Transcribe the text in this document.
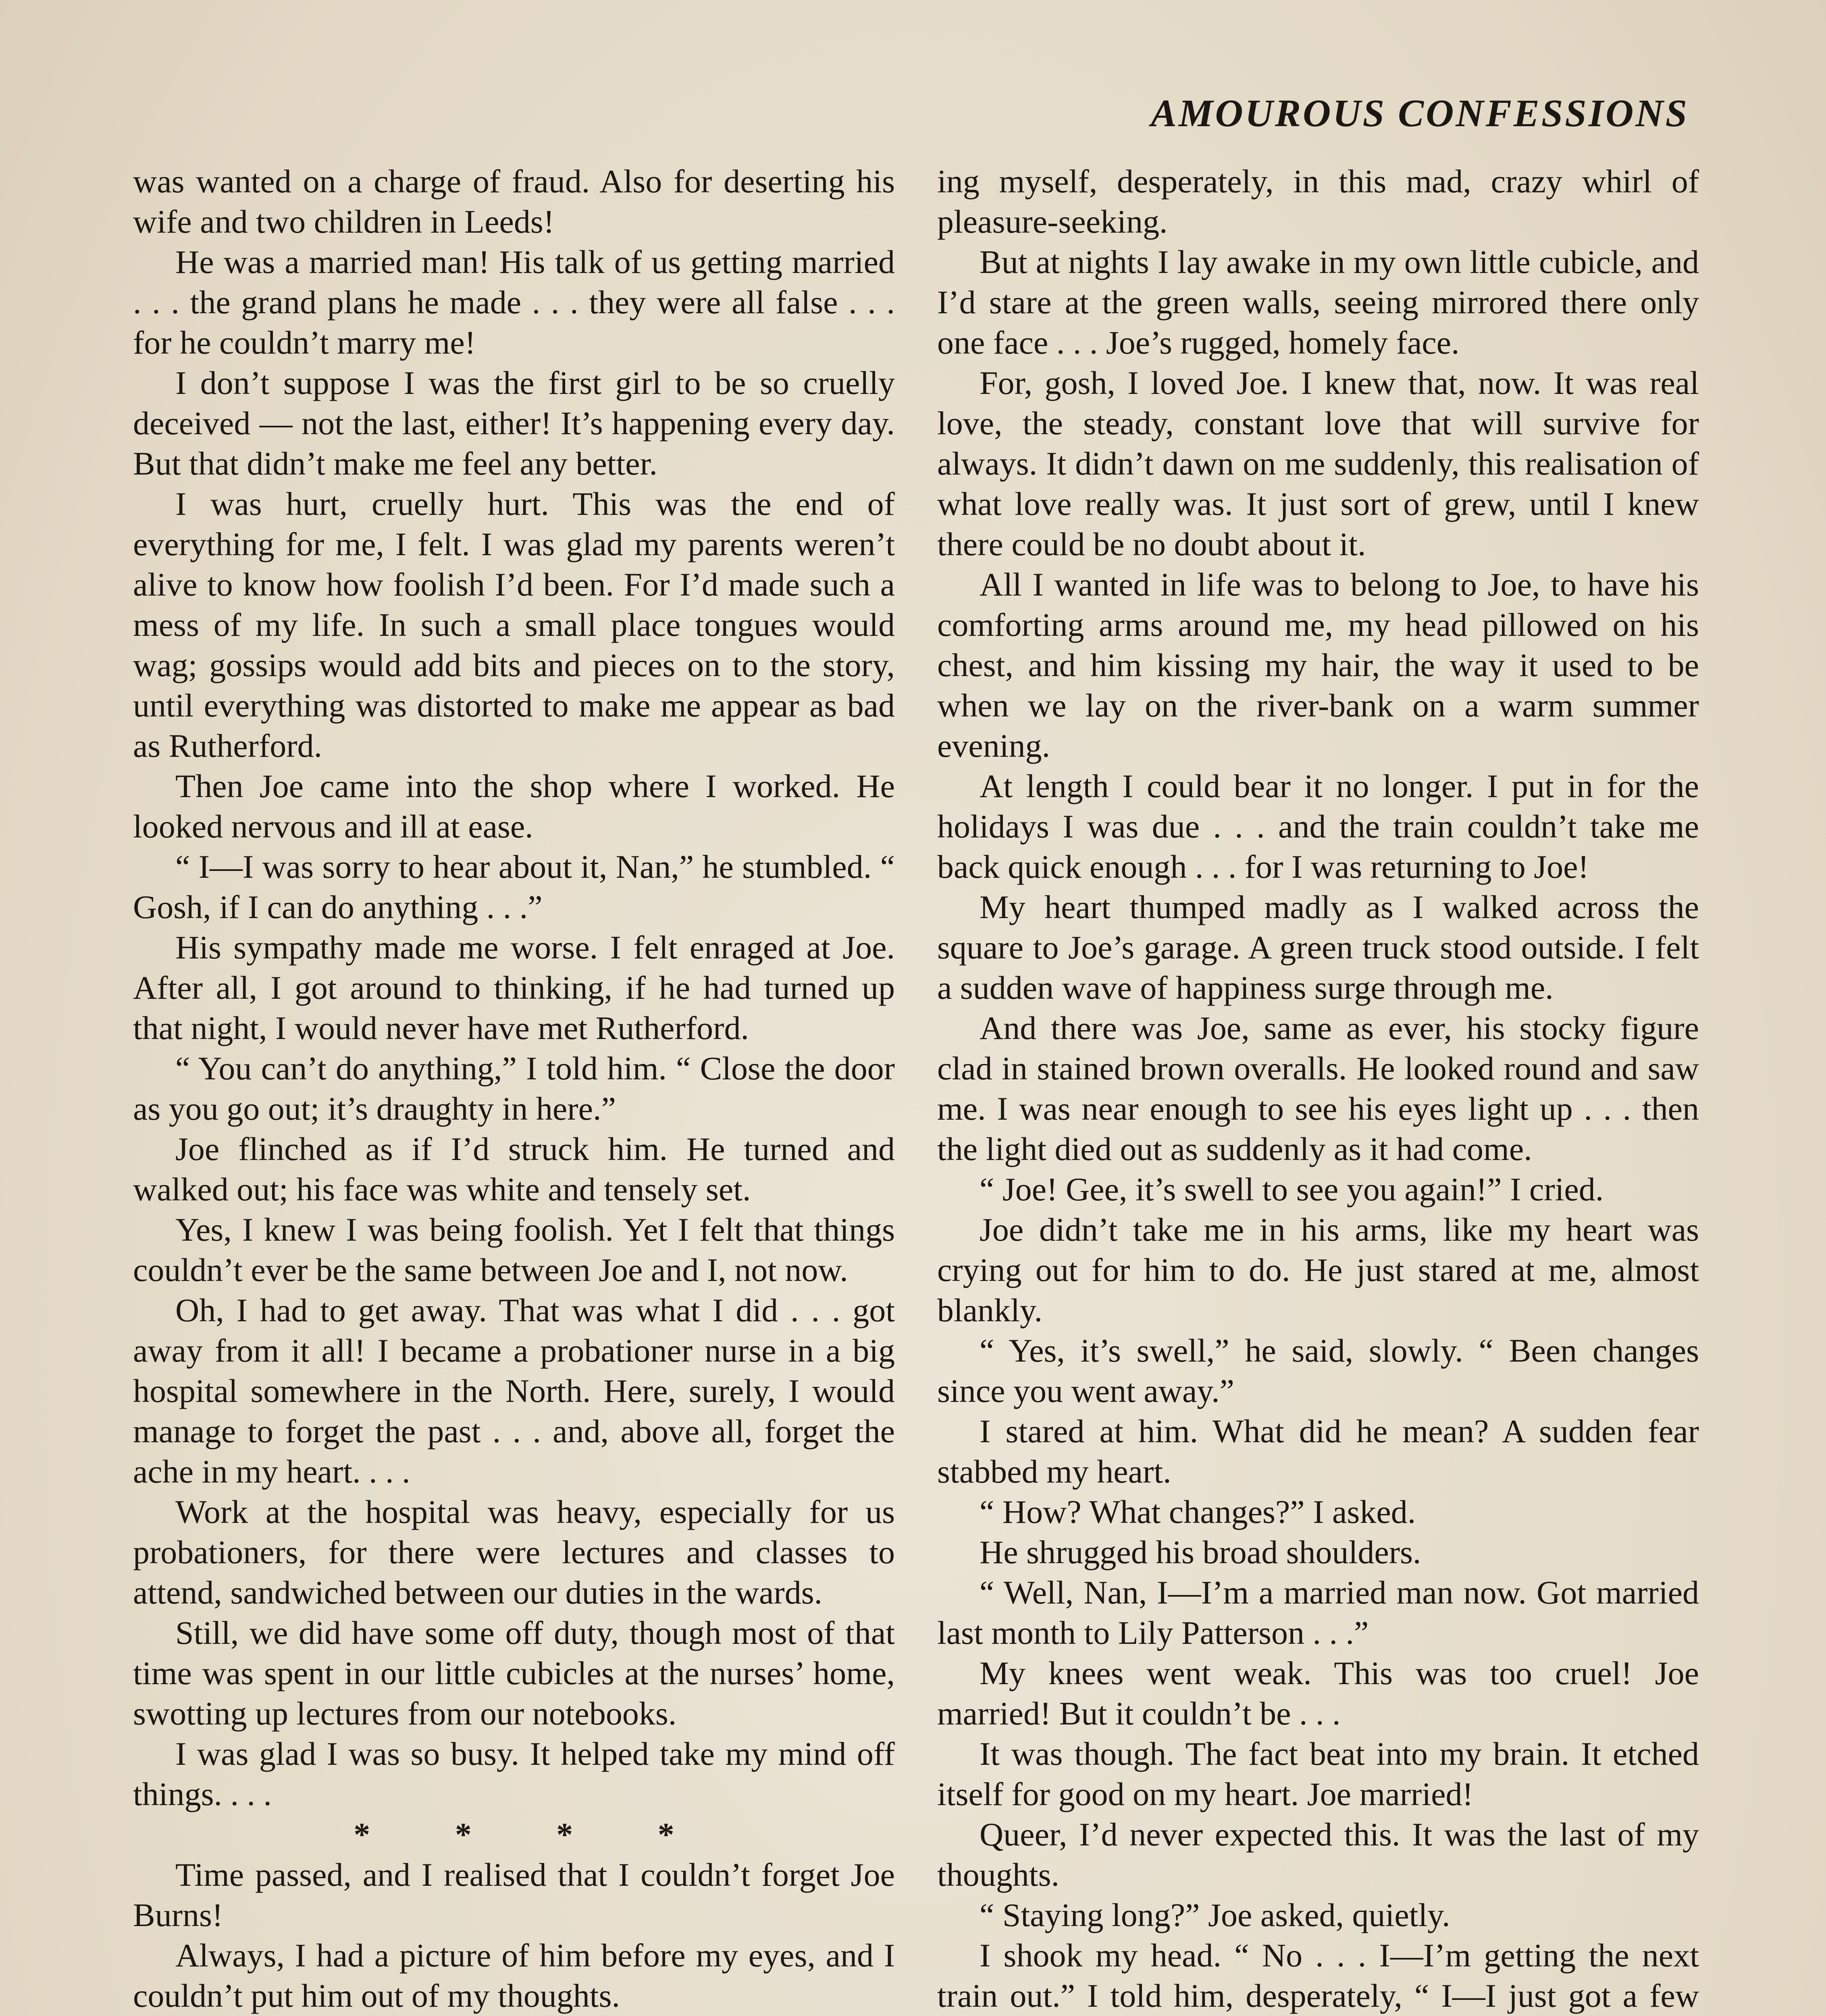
AMOUROUS CONFESSIONS

was wanted on a charge of fraud. Also for deserting his wife and two children in Leeds!

He was a married man! His talk of us getting married . . . the grand plans he made . . . they were all false . . . for he couldn’t marry me!

I don’t suppose I was the first girl to be so cruelly deceived — not the last, either! It’s happening every day. But that didn’t make me feel any better.

I was hurt, cruelly hurt. This was the end of everything for me, I felt. I was glad my parents weren’t alive to know how foolish I’d been. For I’d made such a mess of my life. In such a small place tongues would wag; gossips would add bits and pieces on to the story, until everything was distorted to make me appear as bad as Rutherford.

Then Joe came into the shop where I worked. He looked nervous and ill at ease.

“ I—I was sorry to hear about it, Nan,” he stumbled. “ Gosh, if I can do anything . . .”

His sympathy made me worse. I felt enraged at Joe. After all, I got around to thinking, if he had turned up that night, I would never have met Rutherford.

“ You can’t do anything,” I told him. “ Close the door as you go out; it’s draughty in here.”

Joe flinched as if I’d struck him. He turned and walked out; his face was white and tensely set.

Yes, I knew I was being foolish. Yet I felt that things couldn’t ever be the same between Joe and I, not now.

Oh, I had to get away. That was what I did . . . got away from it all! I became a probationer nurse in a big hospital somewhere in the North. Here, surely, I would manage to forget the past . . . and, above all, forget the ache in my heart. . . .

Work at the hospital was heavy, especially for us probationers, for there were lectures and classes to attend, sandwiched between our duties in the wards.

Still, we did have some off duty, though most of that time was spent in our little cubicles at the nurses’ home, swotting up lectures from our notebooks.

I was glad I was so busy. It helped take my mind off things. . . .

* * * *

Time passed, and I realised that I couldn’t forget Joe Burns!

Always, I had a picture of him before my eyes, and I couldn’t put him out of my thoughts.

ing myself, desperately, in this mad, crazy whirl of pleasure-seeking.

But at nights I lay awake in my own little cubicle, and I’d stare at the green walls, seeing mirrored there only one face . . . Joe’s rugged, homely face.

For, gosh, I loved Joe. I knew that, now. It was real love, the steady, constant love that will survive for always. It didn’t dawn on me suddenly, this realisation of what love really was. It just sort of grew, until I knew there could be no doubt about it.

All I wanted in life was to belong to Joe, to have his comforting arms around me, my head pillowed on his chest, and him kissing my hair, the way it used to be when we lay on the river-bank on a warm summer evening.

At length I could bear it no longer. I put in for the holidays I was due . . . and the train couldn’t take me back quick enough . . . for I was returning to Joe!

My heart thumped madly as I walked across the square to Joe’s garage. A green truck stood outside. I felt a sudden wave of happiness surge through me.

And there was Joe, same as ever, his stocky figure clad in stained brown overalls. He looked round and saw me. I was near enough to see his eyes light up . . . then the light died out as suddenly as it had come.

“ Joe! Gee, it’s swell to see you again!” I cried.

Joe didn’t take me in his arms, like my heart was crying out for him to do. He just stared at me, almost blankly.

“ Yes, it’s swell,” he said, slowly. “ Been changes since you went away.”

I stared at him. What did he mean? A sudden fear stabbed my heart.

“ How? What changes?” I asked.

He shrugged his broad shoulders.

“ Well, Nan, I—I’m a married man now. Got married last month to Lily Patterson . . .”

My knees went weak. This was too cruel! Joe married! But it couldn’t be . . .

It was though. The fact beat into my brain. It etched itself for good on my heart. Joe married!

Queer, I’d never expected this. It was the last of my thoughts.

“ Staying long?” Joe asked, quietly.

I shook my head. “ No . . . I—I’m getting the next train out.” I told him, desperately, “ I—I just got a few
